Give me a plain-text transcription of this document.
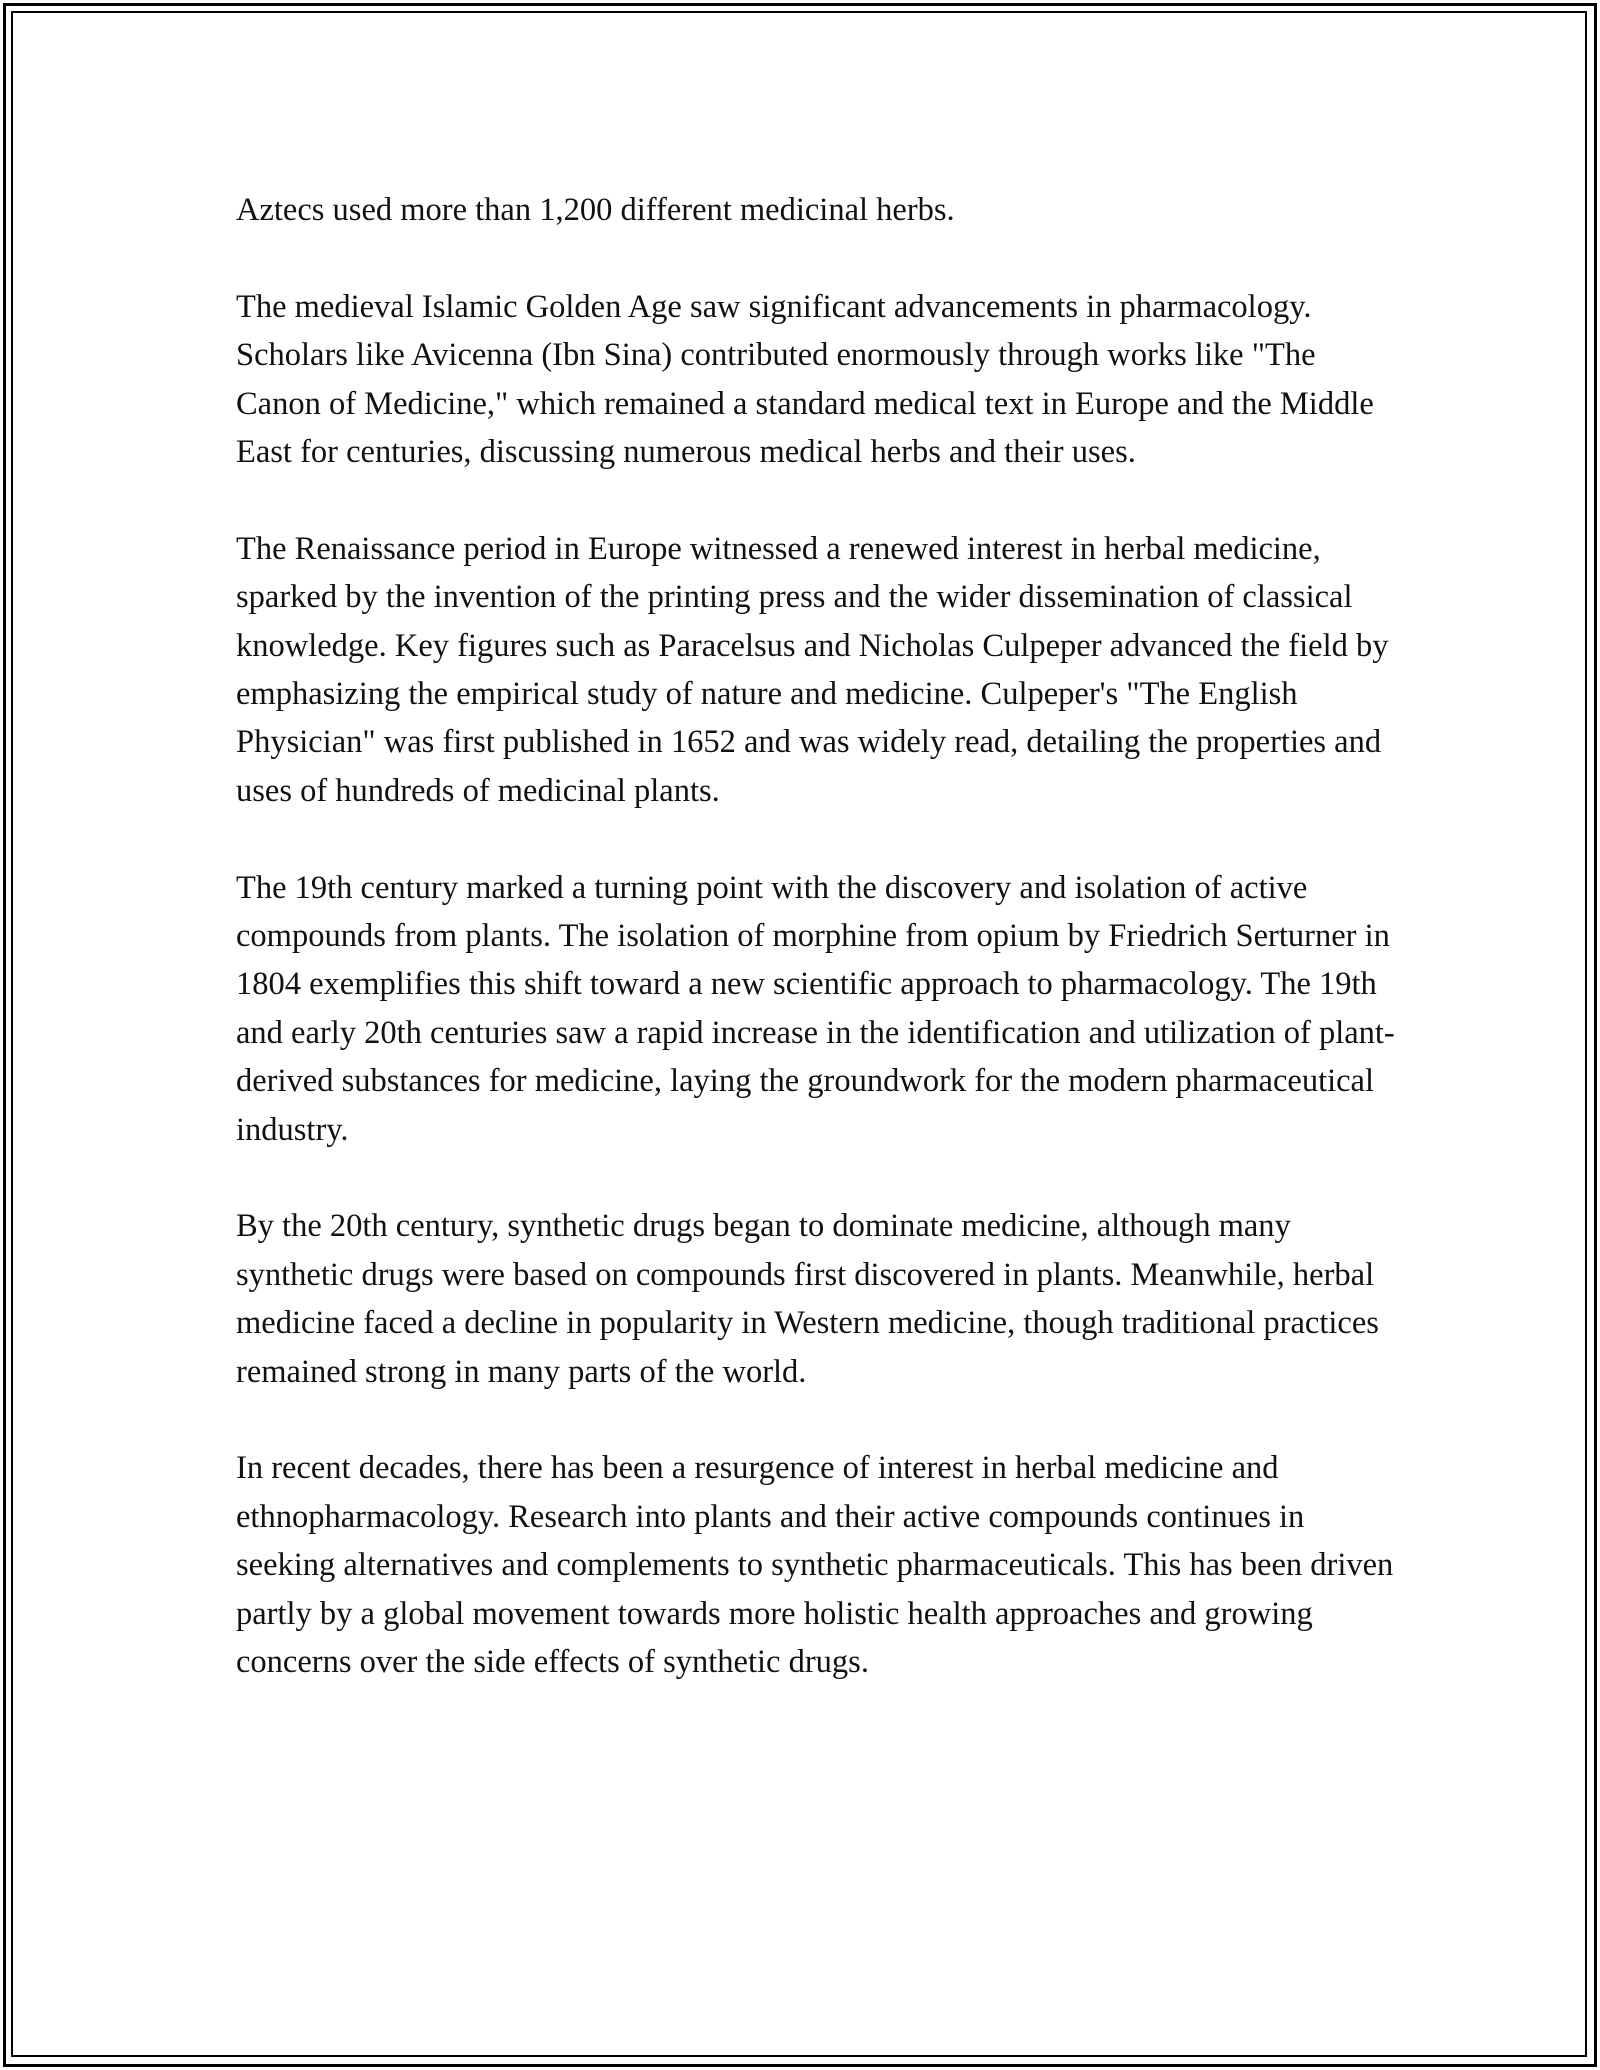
Aztecs used more than 1,200 different medicinal herbs.

The medieval Islamic Golden Age saw significant advancements in pharmacology. Scholars like Avicenna (Ibn Sina) contributed enormously through works like "The Canon of Medicine," which remained a standard medical text in Europe and the Middle East for centuries, discussing numerous medical herbs and their uses.

The Renaissance period in Europe witnessed a renewed interest in herbal medicine, sparked by the invention of the printing press and the wider dissemination of classical knowledge. Key figures such as Paracelsus and Nicholas Culpeper advanced the field by emphasizing the empirical study of nature and medicine. Culpeper's "The English Physician" was first published in 1652 and was widely read, detailing the properties and uses of hundreds of medicinal plants.

The 19th century marked a turning point with the discovery and isolation of active compounds from plants. The isolation of morphine from opium by Friedrich Serturner in 1804 exemplifies this shift toward a new scientific approach to pharmacology. The 19th and early 20th centuries saw a rapid increase in the identification and utilization of plant-derived substances for medicine, laying the groundwork for the modern pharmaceutical industry.

By the 20th century, synthetic drugs began to dominate medicine, although many synthetic drugs were based on compounds first discovered in plants. Meanwhile, herbal medicine faced a decline in popularity in Western medicine, though traditional practices remained strong in many parts of the world.

In recent decades, there has been a resurgence of interest in herbal medicine and ethnopharmacology. Research into plants and their active compounds continues in seeking alternatives and complements to synthetic pharmaceuticals. This has been driven partly by a global movement towards more holistic health approaches and growing concerns over the side effects of synthetic drugs.
